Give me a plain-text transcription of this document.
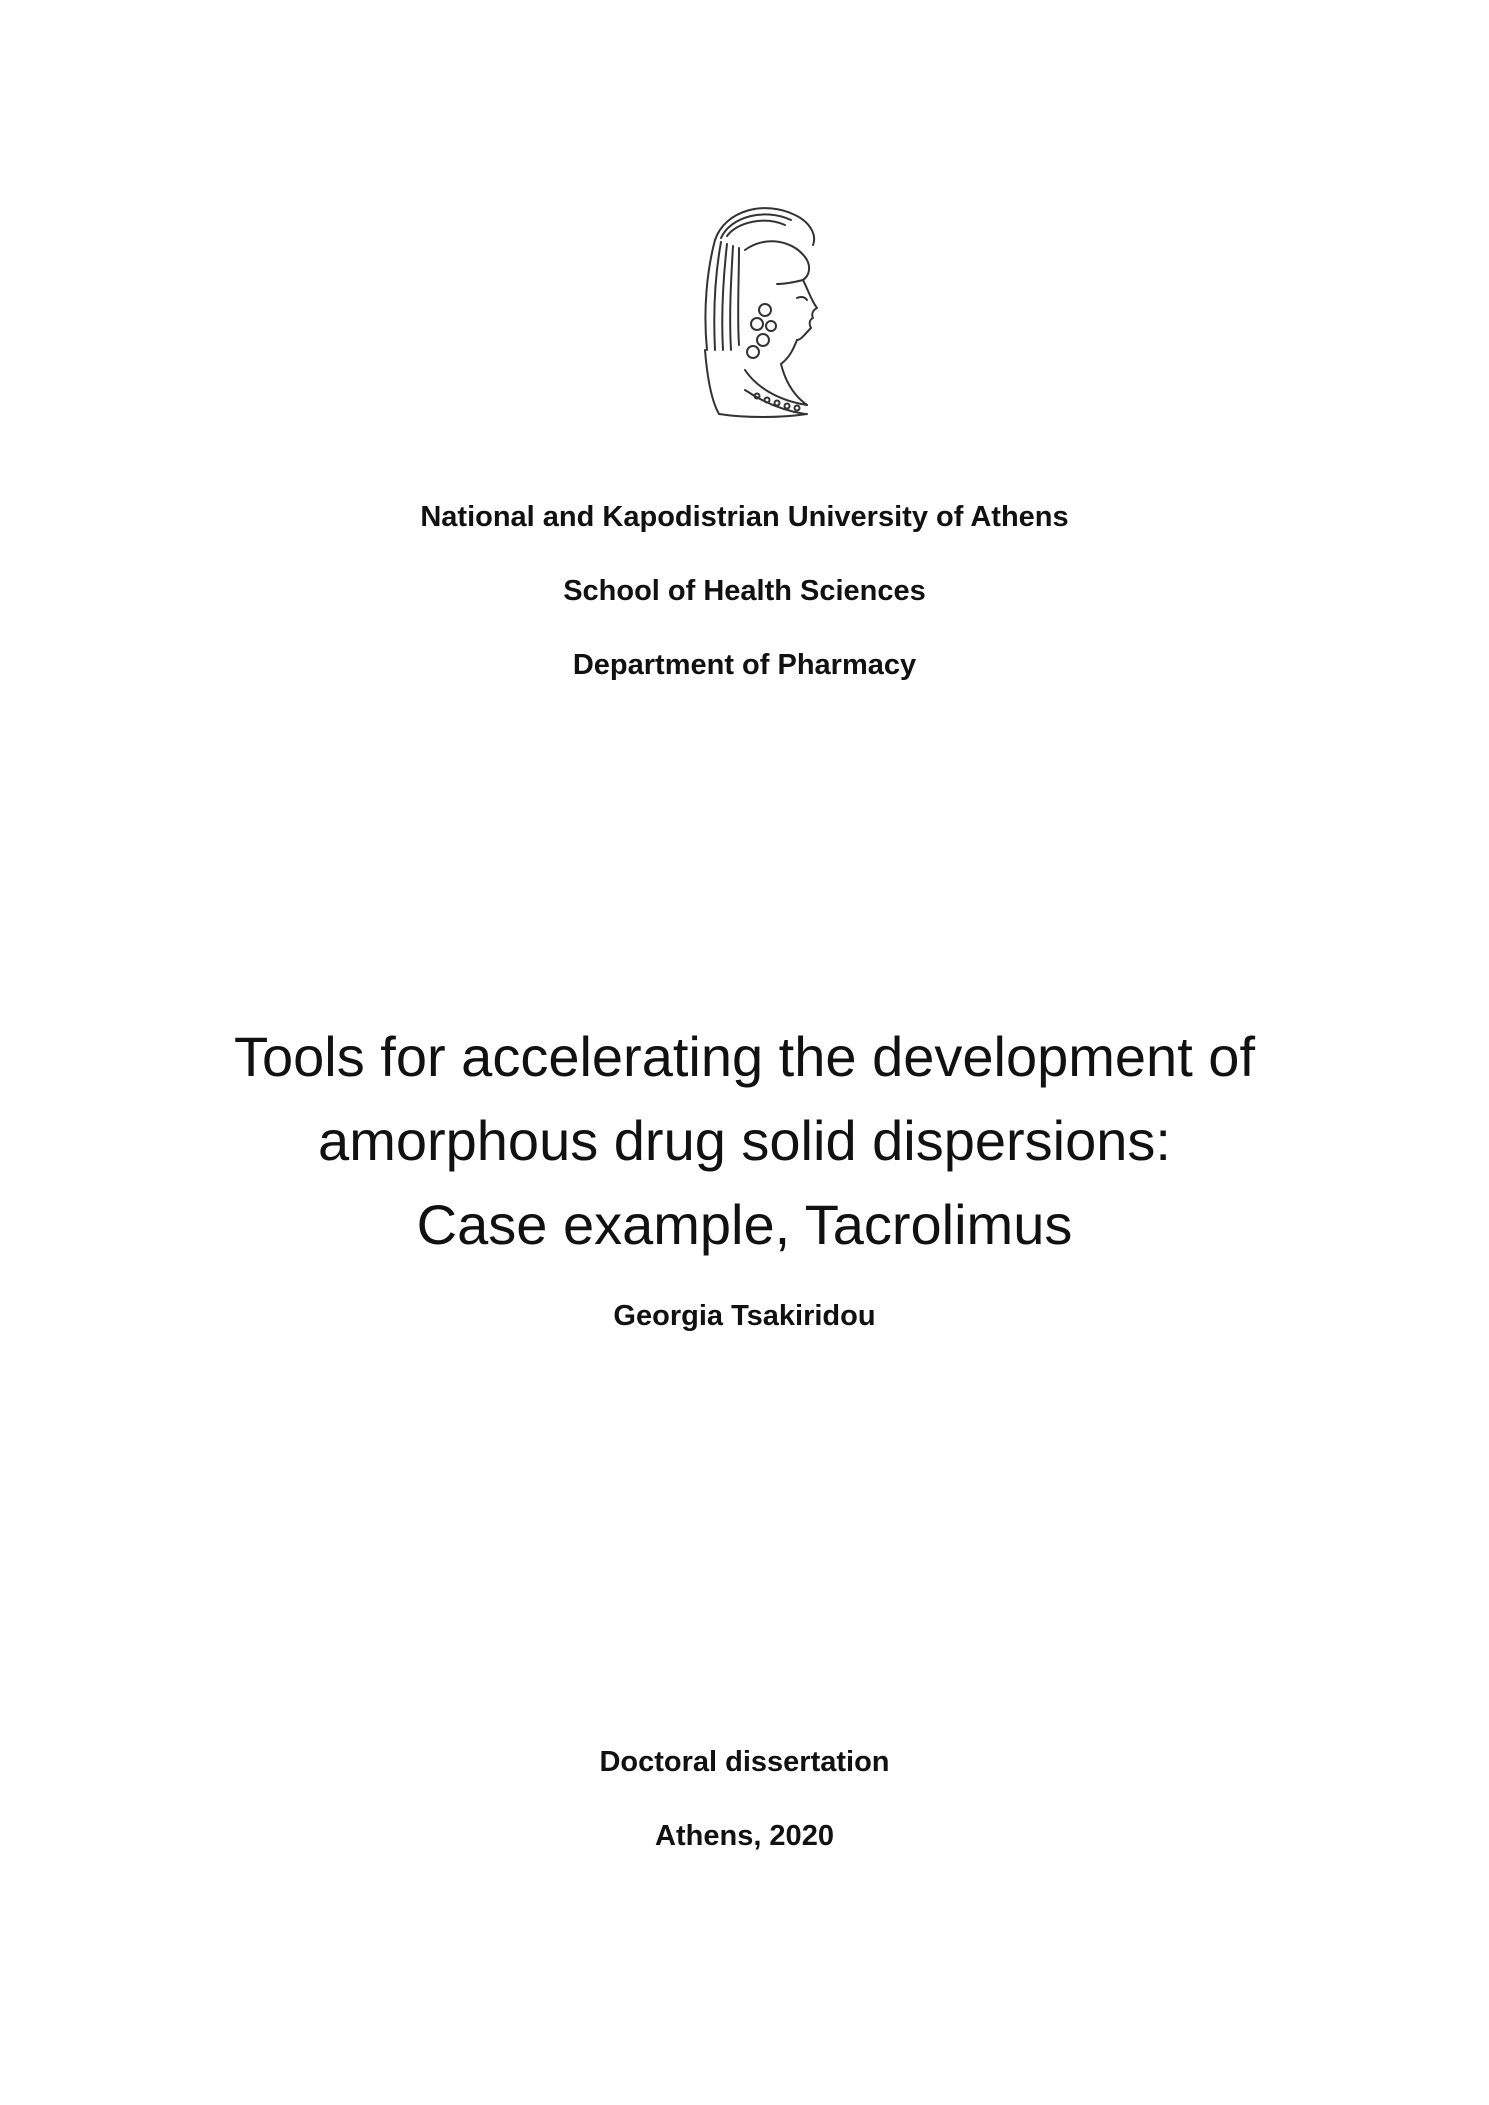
National and Kapodistrian University of Athens

School of Health Sciences

Department of Pharmacy

Tools for accelerating the development of
amorphous drug solid dispersions:
Case example, Tacrolimus

Georgia Tsakiridou

Doctoral dissertation

Athens, 2020
